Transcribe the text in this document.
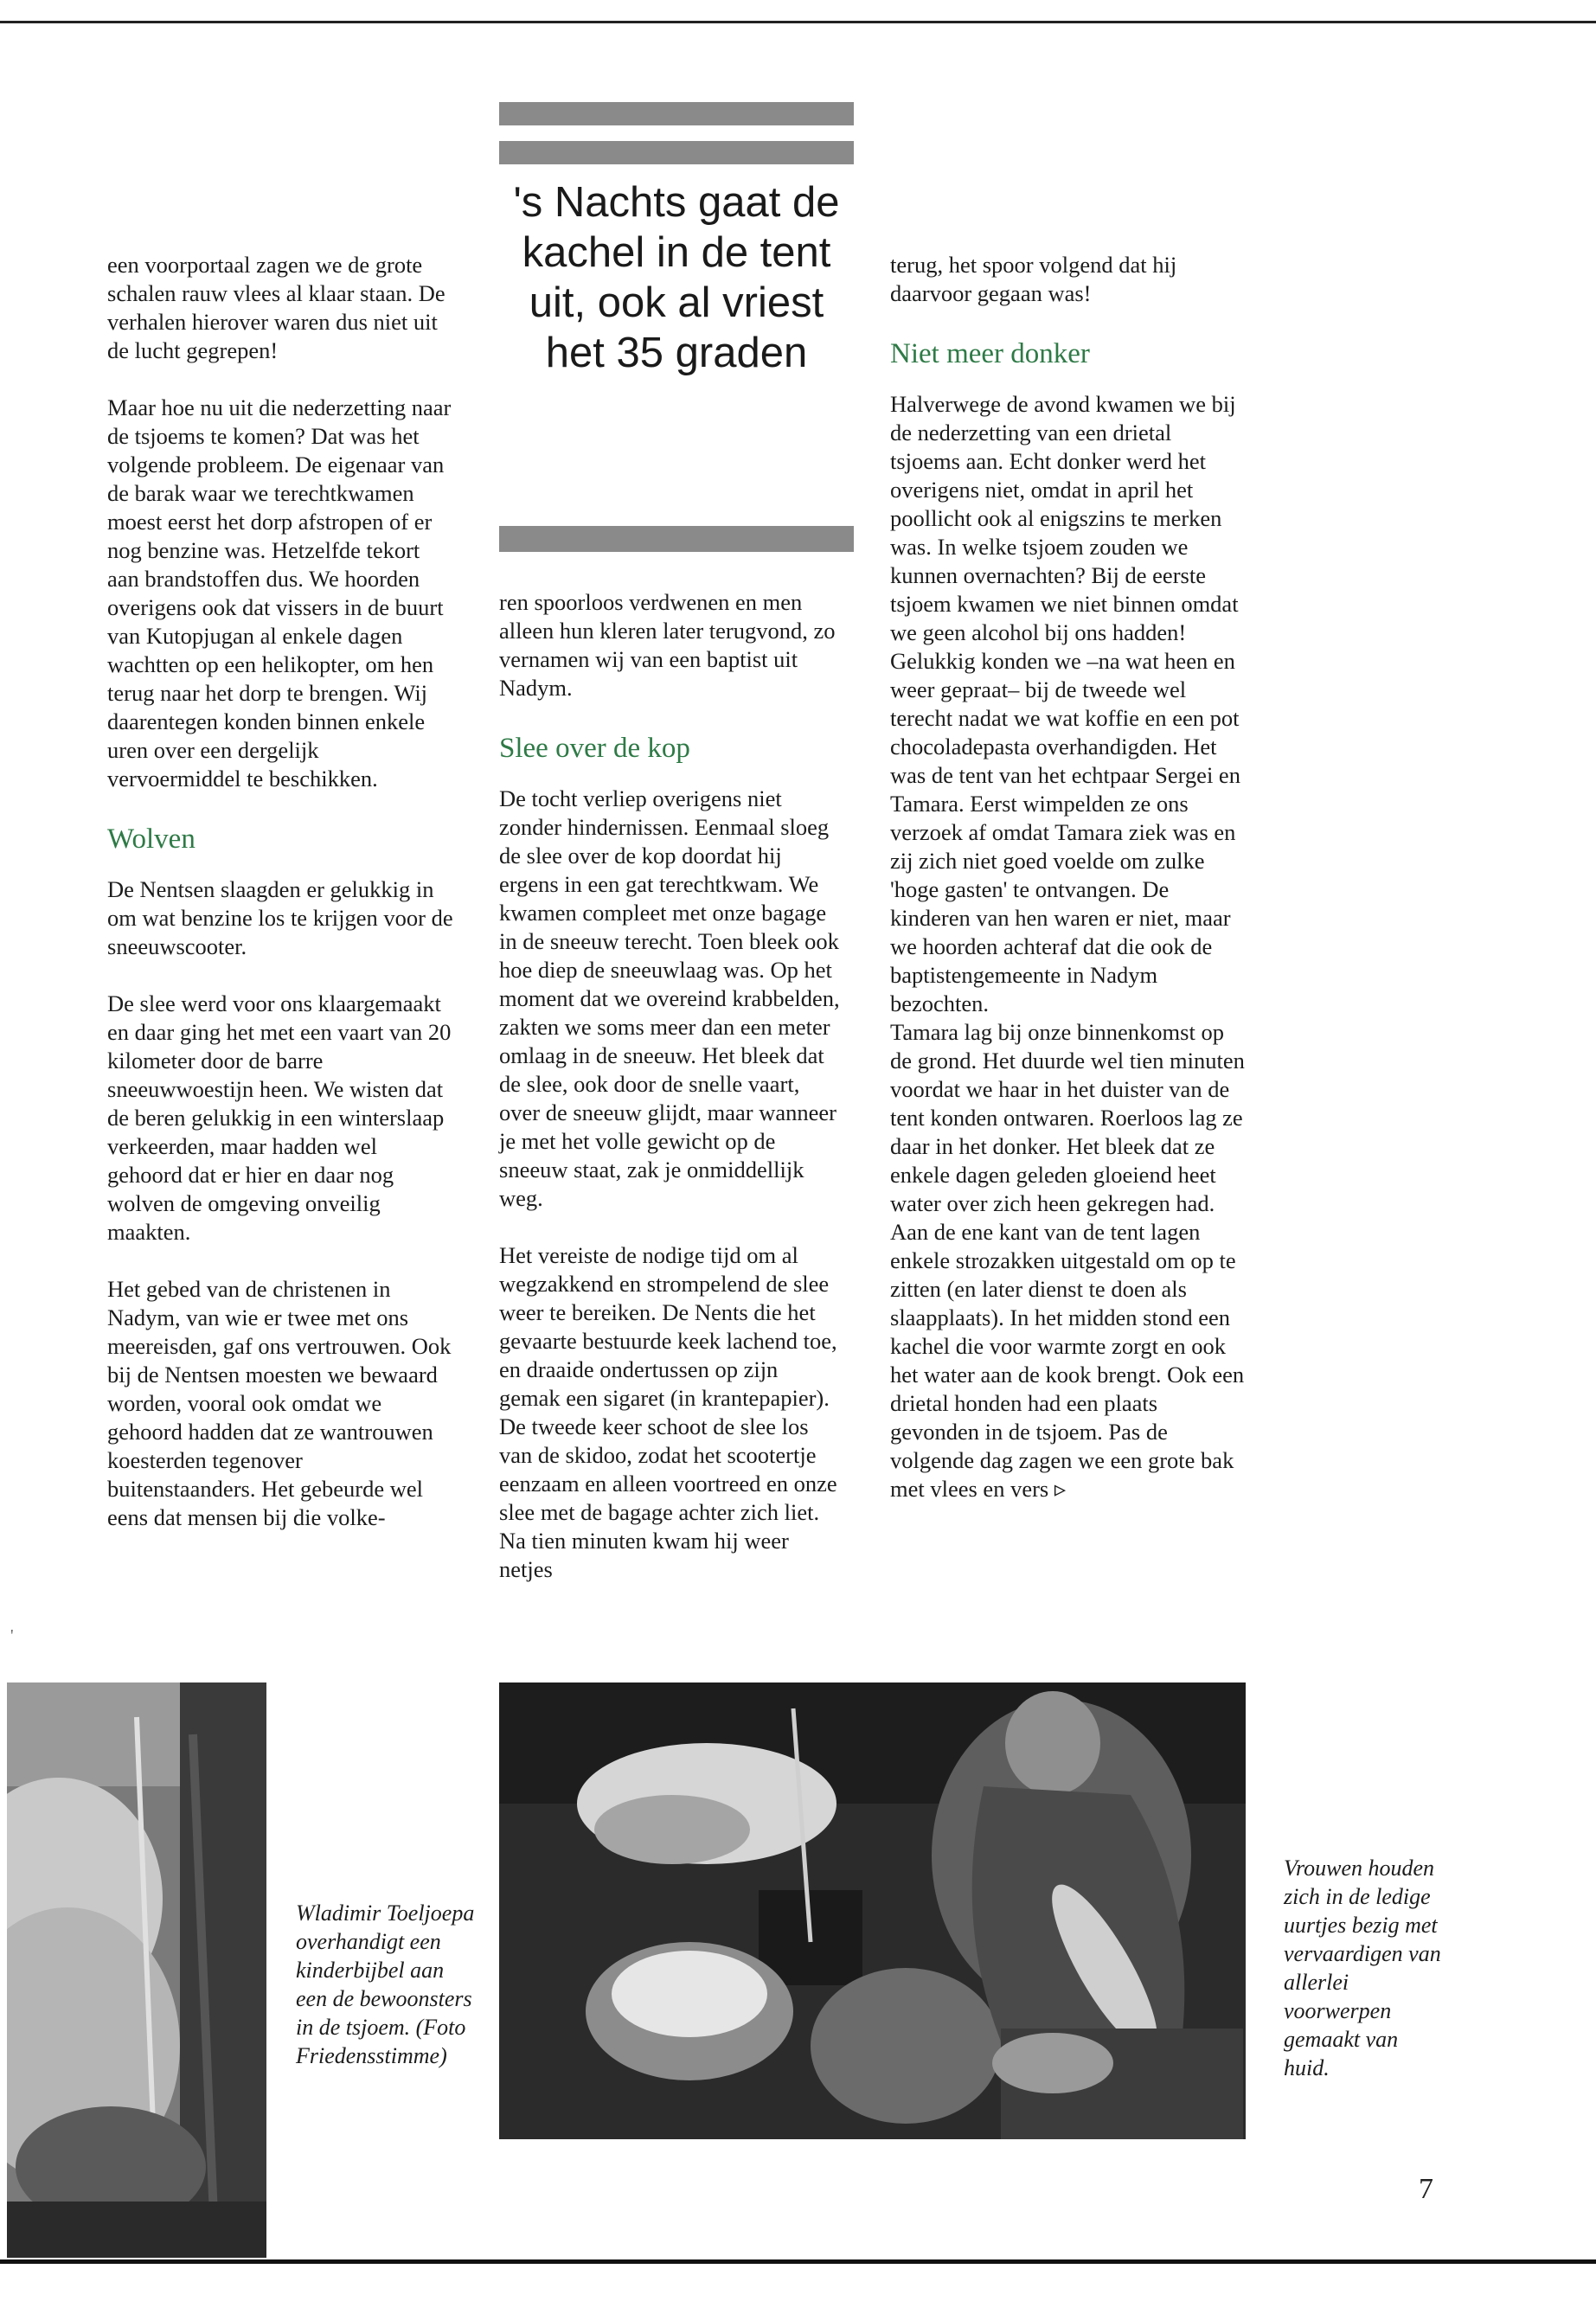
's Nachts gaat de kachel in de tent uit, ook al vriest het 35 graden

een voorportaal zagen we de grote schalen rauw vlees al klaar staan. De verhalen hierover waren dus niet uit de lucht gegrepen!

Maar hoe nu uit die nederzetting naar de tsjoems te komen? Dat was het volgende probleem. De eigenaar van de barak waar we terechtkwamen moest eerst het dorp afstropen of er nog benzine was. Hetzelfde tekort aan brandstoffen dus. We hoorden overigens ook dat vissers in de buurt van Kutopjugan al enkele dagen wachtten op een helikopter, om hen terug naar het dorp te brengen. Wij daarentegen konden binnen enkele uren over een dergelijk vervoermiddel te beschikken.

Wolven

De Nentsen slaagden er gelukkig in om wat benzine los te krijgen voor de sneeuwscooter.

De slee werd voor ons klaargemaakt en daar ging het met een vaart van 20 kilometer door de barre sneeuwwoestijn heen. We wisten dat de beren gelukkig in een winterslaap verkeerden, maar hadden wel gehoord dat er hier en daar nog wolven de omgeving onveilig maakten.

Het gebed van de christenen in Nadym, van wie er twee met ons meereisden, gaf ons vertrouwen. Ook bij de Nentsen moesten we bewaard worden, vooral ook omdat we gehoord hadden dat ze wantrouwen koesterden tegenover buitenstaanders. Het gebeurde wel eens dat mensen bij die volke-

ren spoorloos verdwenen en men alleen hun kleren later terugvond, zo vernamen wij van een baptist uit Nadym.

Slee over de kop

De tocht verliep overigens niet zonder hindernissen. Eenmaal sloeg de slee over de kop doordat hij ergens in een gat terechtkwam. We kwamen compleet met onze bagage in de sneeuw terecht. Toen bleek ook hoe diep de sneeuwlaag was. Op het moment dat we overeind krabbelden, zakten we soms meer dan een meter omlaag in de sneeuw. Het bleek dat de slee, ook door de snelle vaart, over de sneeuw glijdt, maar wanneer je met het volle gewicht op de sneeuw staat, zak je onmiddellijk weg.

Het vereiste de nodige tijd om al wegzakkend en strompelend de slee weer te bereiken. De Nents die het gevaarte bestuurde keek lachend toe, en draaide ondertussen op zijn gemak een sigaret (in krantepapier).

De tweede keer schoot de slee los van de skidoo, zodat het scootertje eenzaam en alleen voortreed en onze slee met de bagage achter zich liet. Na tien minuten kwam hij weer netjes

terug, het spoor volgend dat hij daarvoor gegaan was!

Niet meer donker

Halverwege de avond kwamen we bij de nederzetting van een drietal tsjoems aan. Echt donker werd het overigens niet, omdat in april het poollicht ook al enigszins te merken was. In welke tsjoem zouden we kunnen overnachten? Bij de eerste tsjoem kwamen we niet binnen omdat we geen alcohol bij ons hadden! Gelukkig konden we –na wat heen en weer gepraat– bij de tweede wel terecht nadat we wat koffie en een pot chocoladepasta overhandigden. Het was de tent van het echtpaar Sergei en Tamara. Eerst wimpelden ze ons verzoek af omdat Tamara ziek was en zij zich niet goed voelde om zulke 'hoge gasten' te ontvangen. De kinderen van hen waren er niet, maar we hoorden achteraf dat die ook de baptistengemeente in Nadym bezochten.

Tamara lag bij onze binnenkomst op de grond. Het duurde wel tien minuten voordat we haar in het duister van de tent konden ontwaren. Roerloos lag ze daar in het donker. Het bleek dat ze enkele dagen geleden gloeiend heet water over zich heen gekregen had.

Aan de ene kant van de tent lagen enkele strozakken uitgestald om op te zitten (en later dienst te doen als slaapplaats). In het midden stond een kachel die voor warmte zorgt en ook het water aan de kook brengt. Ook een drietal honden had een plaats gevonden in de tsjoem. Pas de volgende dag zagen we een grote bak met vlees en vers ▹

'
Wladimir Toeljoepa overhandigt een kinderbijbel aan een de bewoonsters in de tsjoem. (Foto Friedensstimme)
Vrouwen houden zich in de ledige uurtjes bezig met vervaardigen van allerlei voorwerpen gemaakt van huid.
7
